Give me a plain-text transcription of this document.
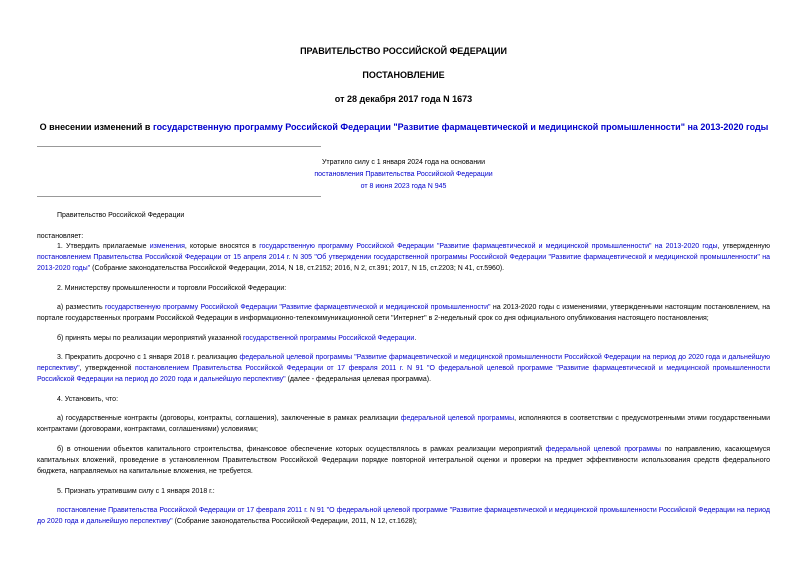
ПРАВИТЕЛЬСТВО РОССИЙСКОЙ ФЕДЕРАЦИИ
ПОСТАНОВЛЕНИЕ
от 28 декабря 2017 года N 1673
О внесении изменений в государственную программу Российской Федерации "Развитие фармацевтической и медицинской промышленности" на 2013-2020 годы
Утратило силу с 1 января 2024 года на основании
постановления Правительства Российской Федерации
от 8 июня 2023 года N 945
Правительство Российской Федерации
постановляет:
1. Утвердить прилагаемые изменения, которые вносятся в государственную программу Российской Федерации "Развитие фармацевтической и медицинской промышленности" на 2013-2020 годы, утвержденную постановлением Правительства Российской Федерации от 15 апреля 2014 г. N 305 "Об утверждении государственной программы Российской Федерации "Развитие фармацевтической и медицинской промышленности" на 2013-2020 годы" (Собрание законодательства Российской Федерации, 2014, N 18, ст.2152; 2016, N 2, ст.391; 2017, N 15, ст.2203; N 41, ст.5960).
2. Министерству промышленности и торговли Российской Федерации:
а) разместить государственную программу Российской Федерации "Развитие фармацевтической и медицинской промышленности" на 2013-2020 годы с изменениями, утвержденными настоящим постановлением, на портале государственных программ Российской Федерации в информационно-телекоммуникационной сети "Интернет" в 2-недельный срок со дня официального опубликования настоящего постановления;
б) принять меры по реализации мероприятий указанной государственной программы Российской Федерации.
3. Прекратить досрочно с 1 января 2018 г. реализацию федеральной целевой программы "Развитие фармацевтической и медицинской промышленности Российской Федерации на период до 2020 года и дальнейшую перспективу", утвержденной постановлением Правительства Российской Федерации от 17 февраля 2011 г. N 91 "О федеральной целевой программе "Развитие фармацевтической и медицинской промышленности Российской Федерации на период до 2020 года и дальнейшую перспективу" (далее - федеральная целевая программа).
4. Установить, что:
а) государственные контракты (договоры, контракты, соглашения), заключенные в рамках реализации федеральной целевой программы, исполняются в соответствии с предусмотренными этими государственными контрактами (договорами, контрактами, соглашениями) условиями;
б) в отношении объектов капитального строительства, финансовое обеспечение которых осуществлялось в рамках реализации мероприятий федеральной целевой программы по направлению, касающемуся капитальных вложений, проведение в установленном Правительством Российской Федерации порядке повторной интегральной оценки и проверки на предмет эффективности использования средств федерального бюджета, направляемых на капитальные вложения, не требуется.
5. Признать утратившим силу с 1 января 2018 г.:
постановление Правительства Российской Федерации от 17 февраля 2011 г. N 91 "О федеральной целевой программе "Развитие фармацевтической и медицинской промышленности Российской Федерации на период до 2020 года и дальнейшую перспективу" (Собрание законодательства Российской Федерации, 2011, N 12, ст.1628);
